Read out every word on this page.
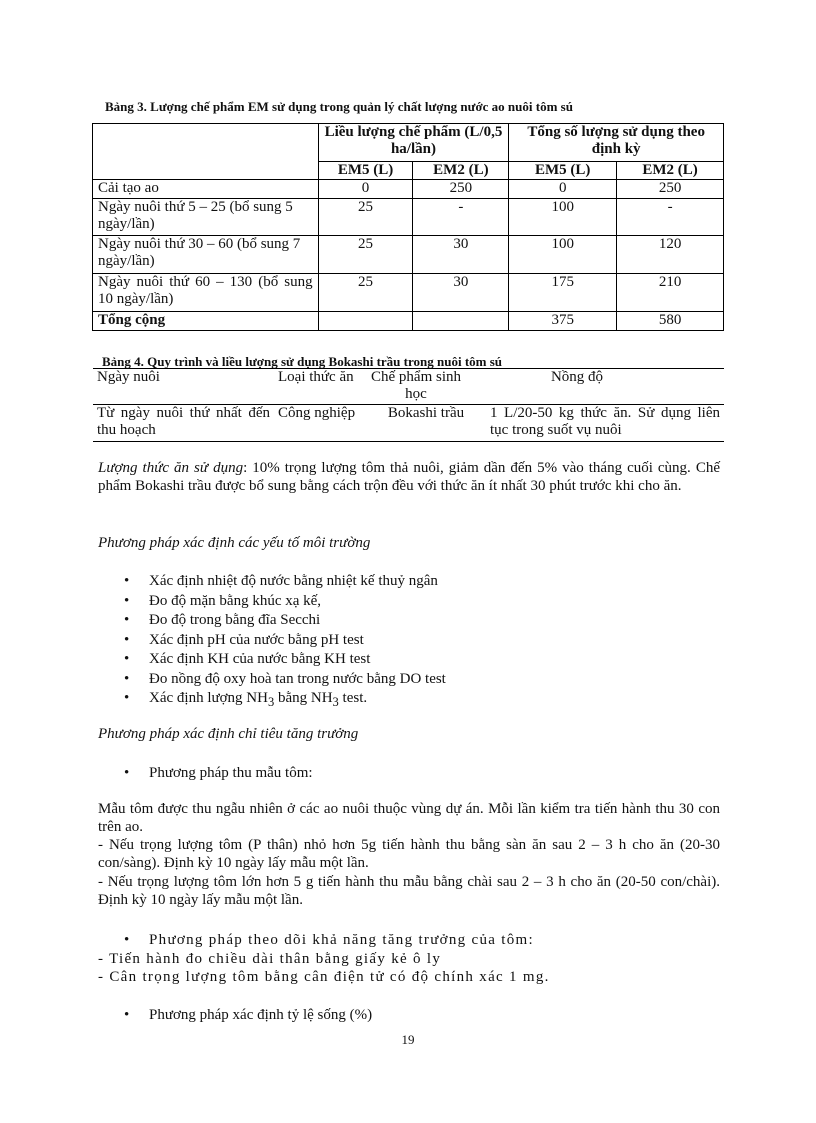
Bảng 3. Lượng chế phẩm EM sử dụng trong quản lý chất lượng nước ao nuôi tôm sú
	Liều lượng chế phẩm (L/0,5 ha/lần)		Tổng số lượng sử dụng theo định kỳ	
	EM5 (L)	EM2 (L)	EM5 (L)	EM2 (L)
Cải tạo ao	0	250	0	250
Ngày nuôi thứ 5 – 25 (bổ sung 5 ngày/lần)	25	-	100	-
Ngày nuôi thứ 30 – 60 (bổ sung 7 ngày/lần)	25	30	100	120
Ngày nuôi thứ 60 – 130 (bổ sung 10 ngày/lần)	25	30	175	210
Tổng cộng			375	580
Bảng 4. Quy trình và liều lượng sử dụng Bokashi trầu trong nuôi tôm sú
Ngày nuôi	Loại thức ăn	Chế phẩm sinh học	Nồng độ
Từ ngày nuôi thứ nhất đến thu hoạch	Công nghiệp	Bokashi trầu	1 L/20-50 kg thức ăn. Sử dụng liên tục trong suốt vụ nuôi
Lượng thức ăn sử dụng: 10% trọng lượng tôm thả nuôi, giảm dần đến 5% vào tháng cuối cùng. Chế phẩm Bokashi trầu được bổ sung bằng cách trộn đều với thức ăn ít nhất 30 phút trước khi cho ăn.
Phương pháp xác định các yếu tố môi trường
• Xác định nhiệt độ nước bằng nhiệt kế thuỷ ngân
• Đo độ mặn bằng khúc xạ kế,
• Đo độ trong bằng đĩa Secchi
• Xác định pH của nước bằng pH test
• Xác định KH của nước bằng KH test
• Đo nồng độ oxy hoà tan trong nước bằng DO test
• Xác định lượng $NH_3$ bằng $NH_3$ test.
Phương pháp xác định chỉ tiêu tăng trưởng
• Phương pháp thu mẫu tôm:
Mẫu tôm được thu ngẫu nhiên ở các ao nuôi thuộc vùng dự án. Mỗi lần kiểm tra tiến hành thu 30 con trên ao.
- Nếu trọng lượng tôm (P thân) nhỏ hơn 5g tiến hành thu bằng sàn ăn sau 2 – 3 h cho ăn (20-30 con/sàng). Định kỳ 10 ngày lấy mẫu một lần.
- Nếu trọng lượng tôm lớn hơn 5 g tiến hành thu mẫu bằng chài sau 2 – 3 h cho ăn (20-50 con/chài). Định kỳ 10 ngày lấy mẫu một lần.
• Phương pháp theo dõi khả năng tăng trưởng của tôm:
- Tiến hành đo chiều dài thân bằng giấy kẻ ô ly
- Cân trọng lượng tôm bằng cân điện tử có độ chính xác 1 mg.
• Phương pháp xác định tỷ lệ sống (%)
19
